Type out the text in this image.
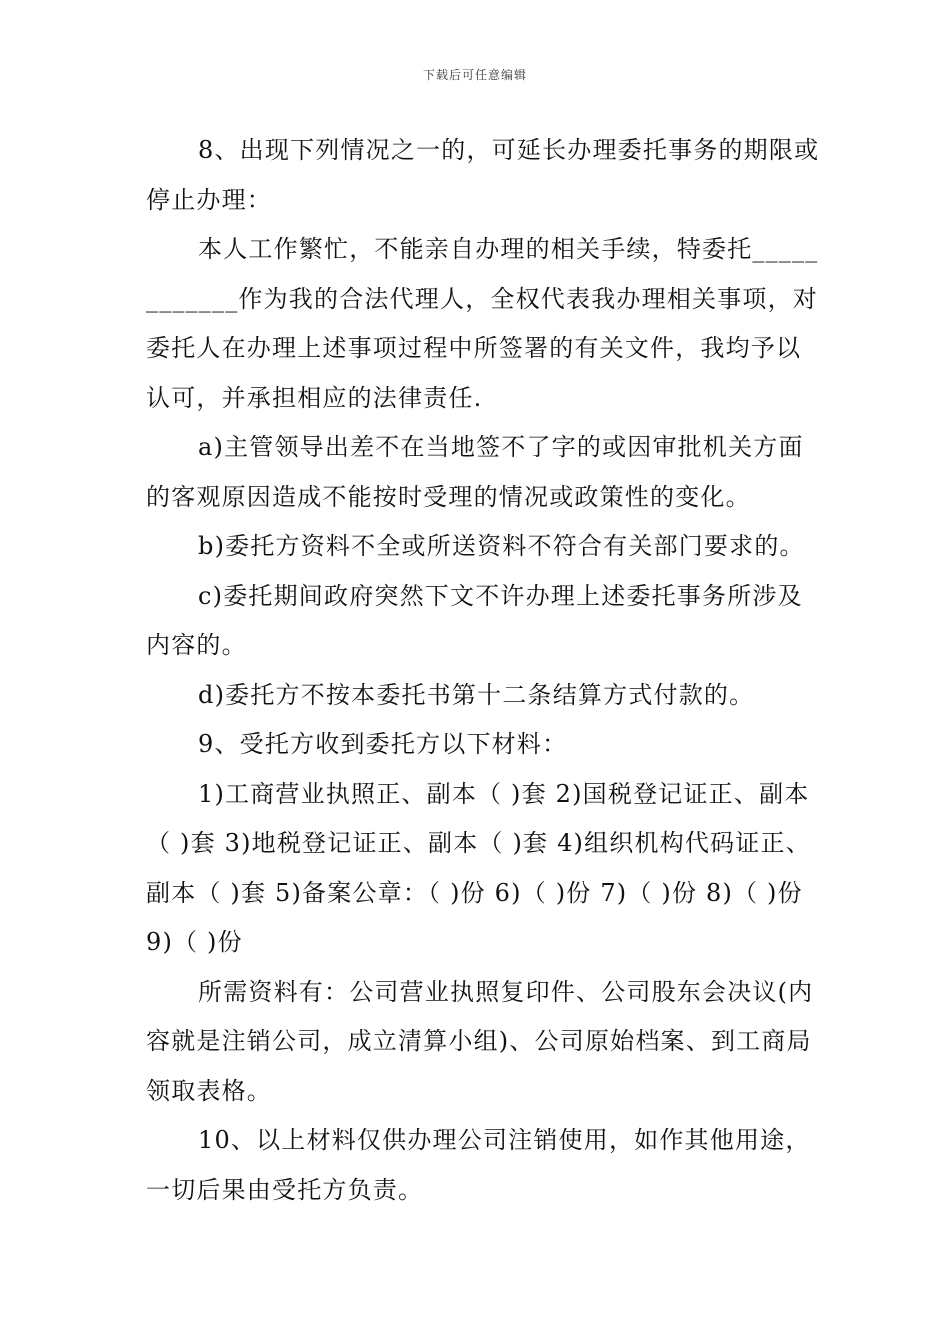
下载后可任意编辑

8、出现下列情况之一的，可延长办理委托事务的期限或停止办理：

本人工作繁忙，不能亲自办理的相关手续，特委托____________作为我的合法代理人，全权代表我办理相关事项，对委托人在办理上述事项过程中所签署的有关文件，我均予以认可，并承担相应的法律责任.

a)主管领导出差不在当地签不了字的或因审批机关方面的客观原因造成不能按时受理的情况或政策性的变化。

b)委托方资料不全或所送资料不符合有关部门要求的。

c)委托期间政府突然下文不许办理上述委托事务所涉及内容的。

d)委托方不按本委托书第十二条结算方式付款的。

9、受托方收到委托方以下材料：

1)工商营业执照正、副本（ )套 2)国税登记证正、副本（ )套 3)地税登记证正、副本（ )套 4)组织机构代码证正、副本（ )套 5)备案公章：（ )份 6)（ )份 7)（ )份 8)（ )份 9)（ )份

所需资料有：公司营业执照复印件、公司股东会决议(内容就是注销公司，成立清算小组)、公司原始档案、到工商局领取表格。

10、以上材料仅供办理公司注销使用，如作其他用途，一切后果由受托方负责。
